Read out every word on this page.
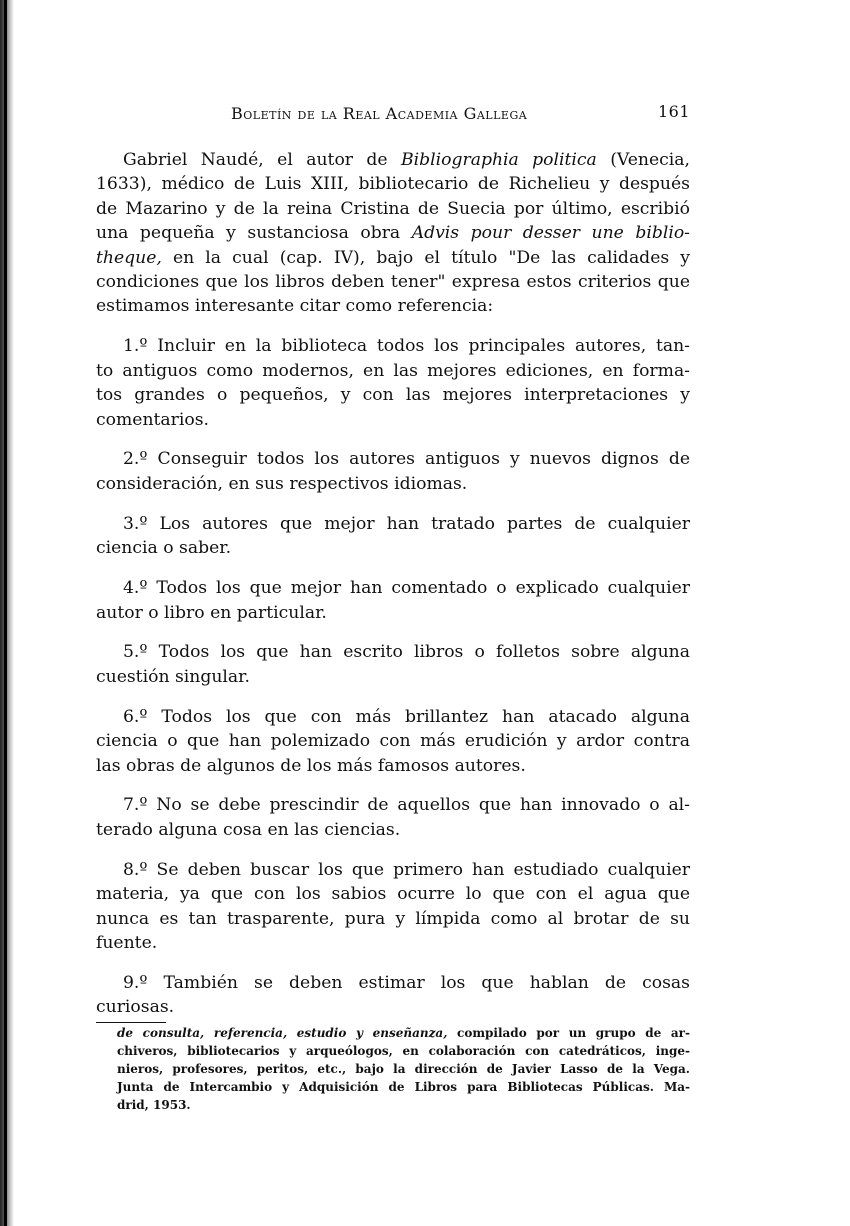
Boletín de la Real Academia Gallega	161
Gabriel Naudé, el autor de Bibliographia politica (Venecia,
1633), médico de Luis XIII, bibliotecario de Richelieu y después
de Mazarino y de la reina Cristina de Suecia por último, escribió
una pequeña y sustanciosa obra Advis pour desser une biblio-
theque, en la cual (cap. IV), bajo el título "De las calidades y
condiciones que los libros deben tener" expresa estos criterios que
estimamos interesante citar como referencia:
1.º Incluir en la biblioteca todos los principales autores, tan-
to antiguos como modernos, en las mejores ediciones, en forma-
tos grandes o pequeños, y con las mejores interpretaciones y
comentarios.
2.º Conseguir todos los autores antiguos y nuevos dignos de
consideración, en sus respectivos idiomas.
3.º Los autores que mejor han tratado partes de cualquier
ciencia o saber.
4.º Todos los que mejor han comentado o explicado cualquier
autor o libro en particular.
5.º Todos los que han escrito libros o folletos sobre alguna
cuestión singular.
6.º Todos los que con más brillantez han atacado alguna
ciencia o que han polemizado con más erudición y ardor contra
las obras de algunos de los más famosos autores.
7.º No se debe prescindir de aquellos que han innovado o al-
terado alguna cosa en las ciencias.
8.º Se deben buscar los que primero han estudiado cualquier
materia, ya que con los sabios ocurre lo que con el agua que
nunca es tan trasparente, pura y límpida como al brotar de su
fuente.
9.º También se deben estimar los que hablan de cosas
curiosas.
de consulta, referencia, estudio y enseñanza, compilado por un grupo de ar-
chiveros, bibliotecarios y arqueólogos, en colaboración con catedráticos, inge-
nieros, profesores, peritos, etc., bajo la dirección de Javier Lasso de la Vega.
Junta de Intercambio y Adquisición de Libros para Bibliotecas Públicas. Ma-
drid, 1953.
